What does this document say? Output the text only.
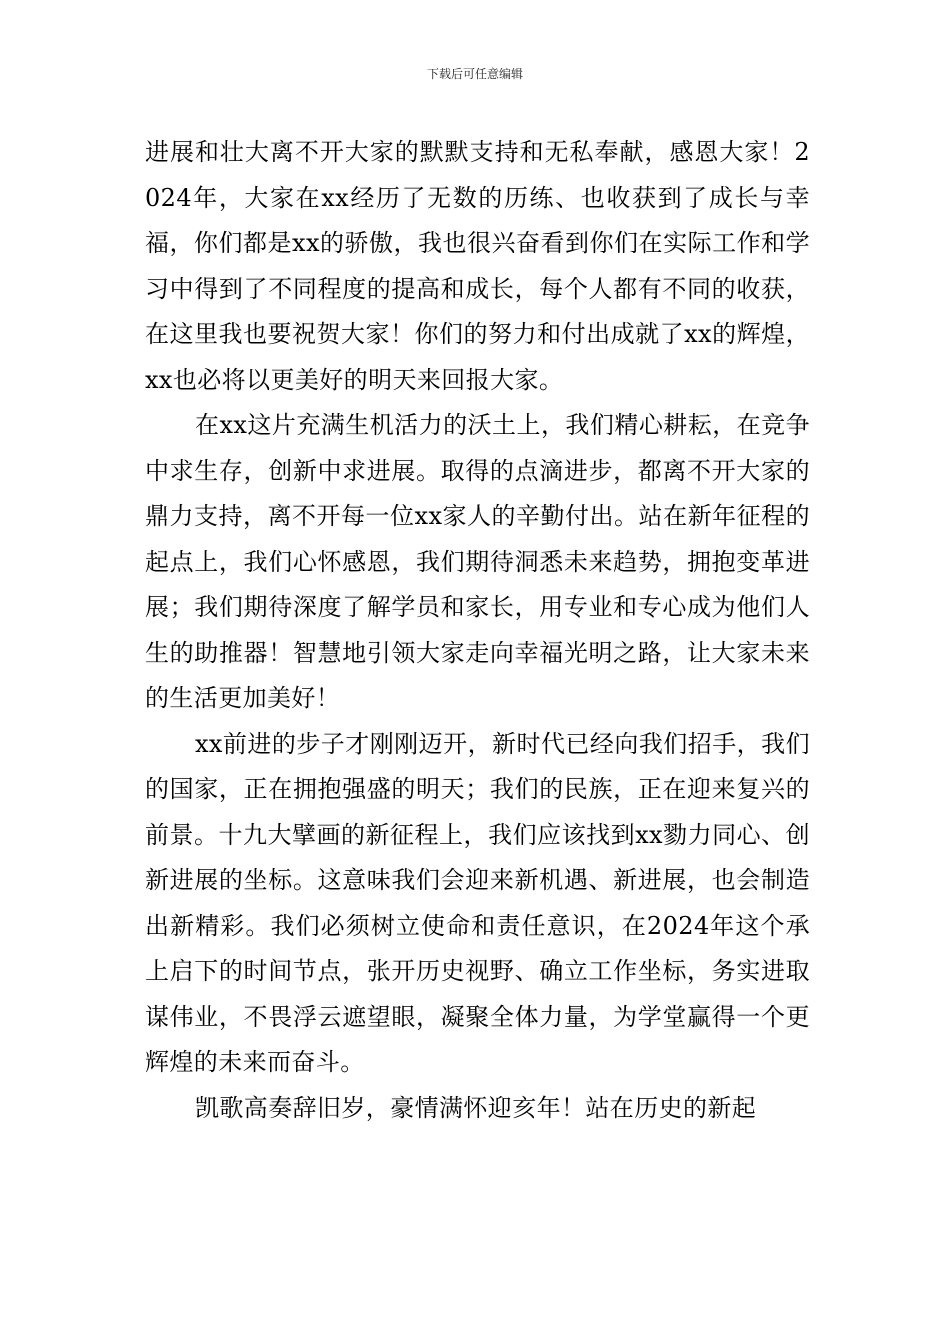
下载后可任意编辑

进展和壮大离不开大家的默默支持和无私奉献，感恩大家！2024年，大家在xx经历了无数的历练、也收获到了成长与幸福，你们都是xx的骄傲，我也很兴奋看到你们在实际工作和学习中得到了不同程度的提高和成长，每个人都有不同的收获，在这里我也要祝贺大家！你们的努力和付出成就了xx的辉煌，xx也必将以更美好的明天来回报大家。

在xx这片充满生机活力的沃土上，我们精心耕耘，在竞争中求生存，创新中求进展。取得的点滴进步，都离不开大家的鼎力支持，离不开每一位xx家人的辛勤付出。站在新年征程的起点上，我们心怀感恩，我们期待洞悉未来趋势，拥抱变革进展；我们期待深度了解学员和家长，用专业和专心成为他们人生的助推器！智慧地引领大家走向幸福光明之路，让大家未来的生活更加美好！

xx前进的步子才刚刚迈开，新时代已经向我们招手，我们的国家，正在拥抱强盛的明天；我们的民族，正在迎来复兴的前景。十九大擘画的新征程上，我们应该找到xx勠力同心、创新进展的坐标。这意味我们会迎来新机遇、新进展，也会制造出新精彩。我们必须树立使命和责任意识，在2024年这个承上启下的时间节点，张开历史视野、确立工作坐标，务实进取谋伟业，不畏浮云遮望眼，凝聚全体力量，为学堂赢得一个更辉煌的未来而奋斗。

凯歌高奏辞旧岁，豪情满怀迎亥年！站在历史的新起
